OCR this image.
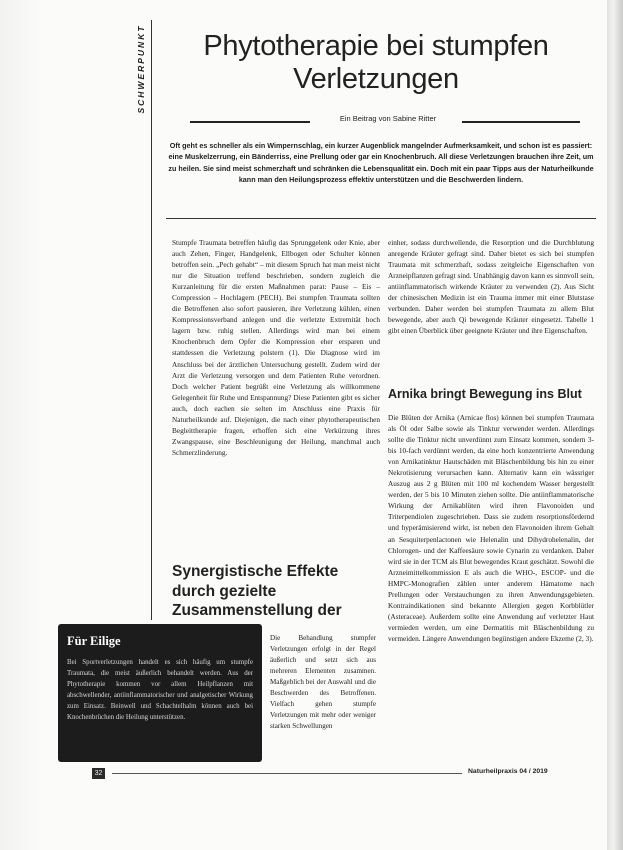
SCHWERPUNKT	Phytotherapie bei stumpfen Verletzungen
Ein Beitrag von Sabine Ritter

Oft geht es schneller als ein Wimpernschlag, ein kurzer Augenblick mangelnder Aufmerksamkeit, und schon ist es passiert: eine Muskelzerrung, ein Bänderriss, eine Prellung oder gar ein Knochenbruch. All diese Verletzungen brauchen ihre Zeit, um zu heilen. Sie sind meist schmerzhaft und schränken die Lebensqualität ein. Doch mit ein paar Tipps aus der Naturheilkunde kann man den Heilungsprozess effektiv unterstützen und die Beschwerden lindern.

Stumpfe Traumata betreffen häufig das Sprunggelenk oder Knie, aber auch Zehen, Finger, Handgelenk, Ellbogen oder Schulter können betroffen sein. „Pech gehabt“ – mit diesem Spruch hat man meist nicht nur die Situation treffend beschrieben, sondern zugleich die Kurzanleitung für die ersten Maßnahmen parat: Pause – Eis – Compression – Hochlagern (PECH). Bei stumpfen Traumata sollten die Betroffenen also sofort pausieren, ihre Verletzung kühlen, einen Kompressionsverband anlegen und die verletzte Extremität hoch lagern bzw. ruhig stellen. Allerdings wird man bei einem Knochenbruch dem Opfer die Kompression eher ersparen und stattdessen die Verletzung polstern (1). Die Diagnose wird im Anschluss bei der ärztlichen Untersuchung gestellt. Zudem wird der Arzt die Verletzung versorgen und dem Patienten Ruhe verordnen. Doch welcher Patient begrüßt eine Verletzung als willkommene Gelegenheit für Ruhe und Entspannung? Diese Patienten gibt es sicher auch, doch eachen sie selten im Anschluss eine Praxis für Naturheilkunde auf. Diejenigen, die nach einer phytotherapeutischen Begleittherapie fragen, erhoffen sich eine Verkürzung ihres Zwangspause, eine Beschleunigung der Heilung, manchmal auch Schmerzlinderung.

einher, sodass durchwellende, die Resorption und die Durchblutung anregende Kräuter gefragt sind. Daher bietet es sich bei stumpfen Traumata mit schmerzhaft, sodass zeitgleiche Eigenschaften von Arzneipflanzen gefragt sind. Unabhängig davon kann es sinnvoll sein, antiinflammatorisch wirkende Kräuter zu verwenden (2). Aus Sicht der chinesischen Medizin ist ein Trauma immer mit einer Blutstase verbunden. Daher werden bei stumpfen Traumata zu allem Blut bewegende, aber auch Qi bewegende Kräuter eingesetzt. Tabelle 1 gibt einen Überblick über geeignete Kräuter und ihre Eigenschaften.

Arnika bringt Bewegung ins Blut

Die Blüten der Arnika (Arnicae flos) können bei stumpfen Traumata als Öl oder Salbe sowie als Tinktur verwendet werden. Allerdings sollte die Tinktur nicht unverdünnt zum Einsatz kommen, sondern 3- bis 10-fach verdünnt werden, da eine hoch konzentrierte Anwendung von Arnikatinktur Hautschäden mit Bläschenbildung bis hin zu einer Nekrotisierung verursachen kann. Alternativ kann ein wässriger Auszug aus 2 g Blüten mit 100 ml kochendem Wasser hergestellt werden, der 5 bis 10 Minuten ziehen sollte. Die antiinflammatorische Wirkung der Arnikablüten wird ihren Flavonoiden und Triterpendiolen zugeschrieben. Dass sie zudem resorptionsfördernd und hyperämisierend wirkt, ist neben den Flavonoiden ihrem Gehalt an Sesquiterpenlactonen wie Helenalin und Dihydrohelenalin, der Chlorogen- und der Kaffeesäure sowie Cynarin zu verdanken. Daher wird sie in der TCM als Blut bewegendes Kraut geschätzt. Sowohl die Arzneimittelkommission E als auch die WHO-, ESCOP- und die HMPC-Monografien zählen unter anderem Hämatome nach Prellungen oder Verstauchungen zu ihren Anwendungsgebieten. Kontraindikationen sind bekannte Allergien gegen Korbblütler (Asteraceae). Außerdem sollte eine Anwendung auf verletzter Haut vermieden werden, um eine Dermatitis mit Bläschenbildung zu vermeiden. Längere Anwendungen begünstigen andere Ekzeme (2, 3).

Synergistische Effekte durch gezielte Zusammenstellung der

Die Behandlung stumpfer Verletzungen erfolgt in der Regel äußerlich und setzt sich aus mehreren Elementen zusammen. Maßgeblich bei der Auswahl und die Beschwerden des Betroffenen. Vielfach gehen stumpfe Verletzungen mit mehr oder weniger starken Schwellungen

Für Eilige

Bei Sportverletzungen handelt es sich häufig um stumpfe Traumata, die meist äußerlich behandelt werden. Aus der Phytotherapie kommen vor allem Heilpflanzen mit abschwellender, antiinflammatorischer und analgetischer Wirkung zum Einsatz. Beinwell und Schachtelhalm können auch bei Knochenbrüchen die Heilung unterstützen.

32	Naturheilpraxis 04 / 2019
